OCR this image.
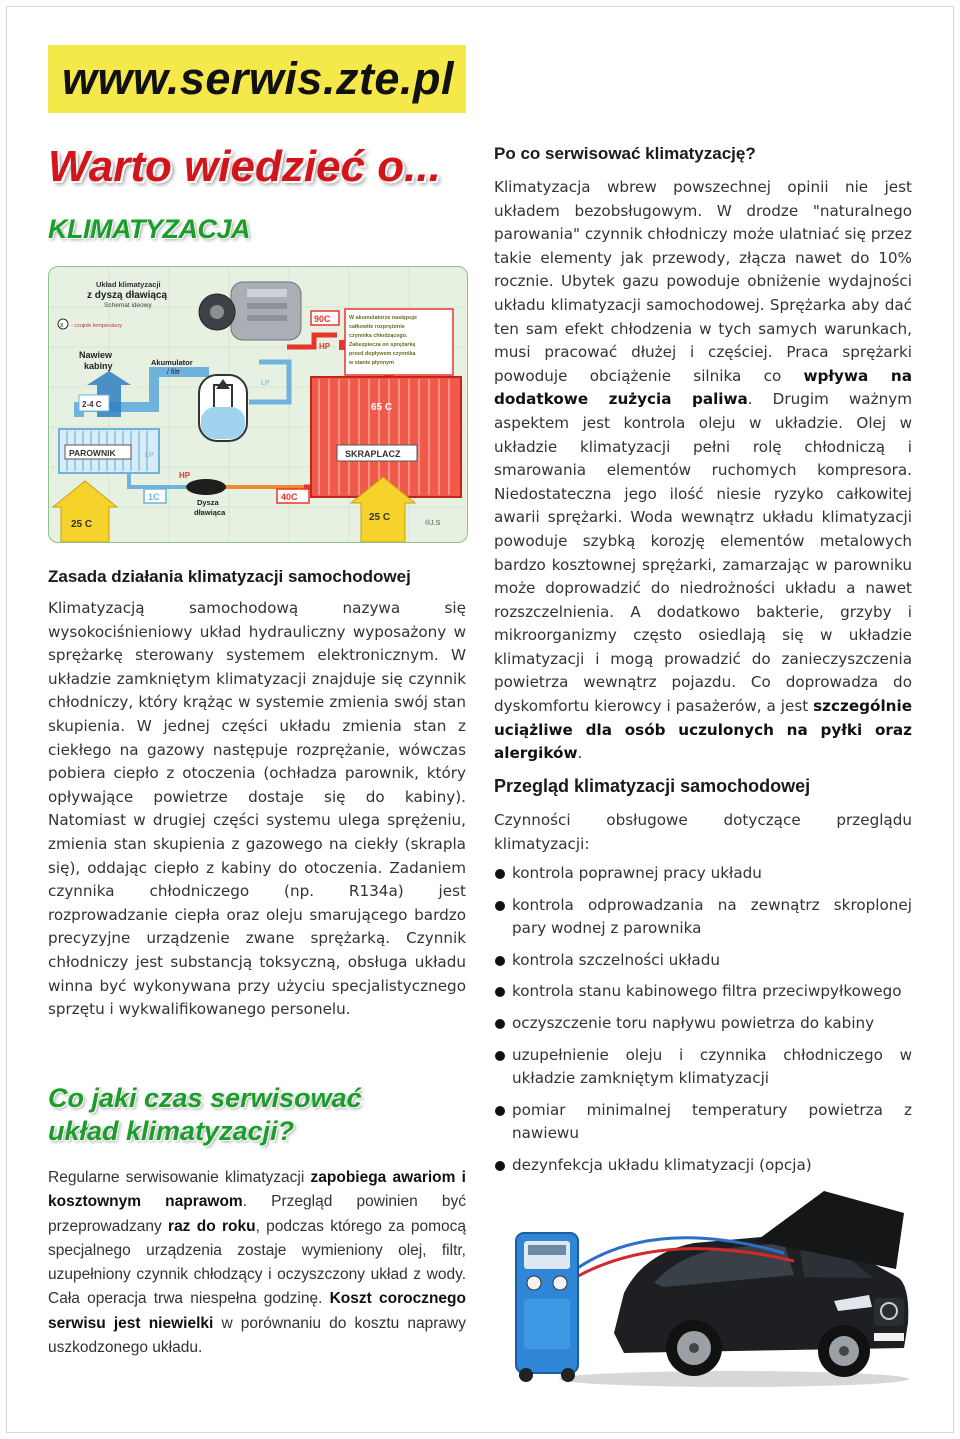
www.serwis.zte.pl
Warto wiedzieć o...
KLIMATYZACJA
Układ klimatyzacji
z dyszą dławiącą
Schemat ideowy
x - czujnik temperatury
Akumulator
/ filtr
LP
W akumulatorze następuje
całkowite rozprężenie
czynnika chłodzącego.
Zabezpiecza on sprężarkę
przed dopływem czynnika
w stanie płynnym
90C
HP
Nawiew
kabiny
2-4 C
PAROWNIK	LP
65 C
SKRAPLACZ
HP
1C	40C
Dysza
dławiąca
25 C
25 C
®J.S
Zasada działania klimatyzacji samochodowej
Klimatyzacją samochodową nazywa się wysokociśnieniowy układ hydrauliczny wyposażony w sprężarkę sterowany systemem elektronicznym. W układzie zamkniętym klimatyzacji znajduje się czynnik chłodniczy, który krążąc w systemie zmienia swój stan skupienia. W jednej części układu zmienia stan z ciekłego na gazowy następuje rozprężanie, wówczas pobiera ciepło z otoczenia (ochładza parownik, który opływające powietrze dostaje się do kabiny). Natomiast w drugiej części systemu ulega sprężeniu, zmienia stan skupienia z gazowego na ciekły (skrapla się), oddając ciepło z kabiny do otoczenia. Zadaniem czynnika chłodniczego (np. R134a) jest rozprowadzanie ciepła oraz oleju smarującego bardzo precyzyjne urządzenie zwane sprężarką. Czynnik chłodniczy jest substancją toksyczną, obsługa układu winna być wykonywana przy użyciu specjalistycznego sprzętu i wykwalifikowanego personelu.
Co jaki czas serwisować
układ klimatyzacji?
Regularne serwisowanie klimatyzacji zapobiega awariom i kosztownym naprawom. Przegląd powinien być przeprowadzany raz do roku, podczas którego za pomocą specjalnego urządzenia zostaje wymieniony olej, filtr, uzupełniony czynnik chłodzący i oczyszczony układ z wody. Cała operacja trwa niespełna godzinę. Koszt corocznego serwisu jest niewielki w porównaniu do kosztu naprawy uszkodzonego układu.
Po co serwisować klimatyzację?
Klimatyzacja wbrew powszechnej opinii nie jest układem bezobsługowym. W drodze "naturalnego parowania" czynnik chłodniczy może ulatniać się przez takie elementy jak przewody, złącza nawet do 10% rocznie. Ubytek gazu powoduje obniżenie wydajności układu klimatyzacji samochodowej. Sprężarka aby dać ten sam efekt chłodzenia w tych samych warunkach, musi pracować dłużej i częściej. Praca sprężarki powoduje obciążenie silnika co wpływa na dodatkowe zużycia paliwa. Drugim ważnym aspektem jest kontrola oleju w układzie. Olej w układzie klimatyzacji pełni rolę chłodniczą i smarowania elementów ruchomych kompresora. Niedostateczna jego ilość niesie ryzyko całkowitej awarii sprężarki. Woda wewnątrz układu klimatyzacji powoduje szybką korozję elementów metalowych bardzo kosztownej sprężarki, zamarzając w parowniku może doprowadzić do niedrożności układu a nawet rozszczelnienia. A dodatkowo bakterie, grzyby i mikroorganizmy często osiedlają się w układzie klimatyzacji i mogą prowadzić do zanieczyszczenia powietrza wewnątrz pojazdu. Co doprowadza do dyskomfortu kierowcy i pasażerów, a jest szczególnie uciążliwe dla osób uczulonych na pyłki oraz alergików.
Przegląd klimatyzacji samochodowej
Czynności obsługowe dotyczące przeglądu klimatyzacji:
kontrola poprawnej pracy układu
kontrola odprowadzania na zewnątrz skroplonej pary wodnej z parownika
kontrola szczelności układu
kontrola stanu kabinowego filtra przeciwpyłkowego
oczyszczenie toru napływu powietrza do kabiny
uzupełnienie oleju i czynnika chłodniczego w układzie zamkniętym klimatyzacji
pomiar minimalnej temperatury powietrza z nawiewu
dezynfekcja układu klimatyzacji (opcja)
